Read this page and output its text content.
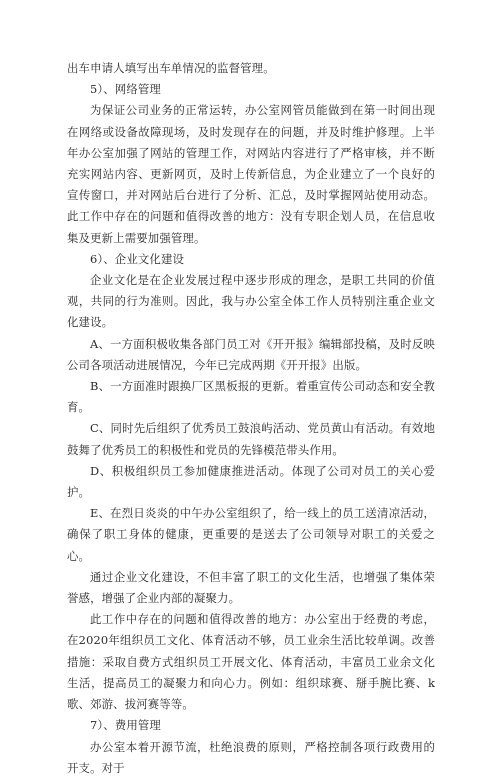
出车申请人填写出车单情况的监督管理。

5）、网络管理

为保证公司业务的正常运转，办公室网管员能做到在第一时间出现在网络或设备故障现场，及时发现存在的问题，并及时维护修理。上半年办公室加强了网站的管理工作，对网站内容进行了严格审核，并不断充实网站内容、更新网页，及时上传新信息，为企业建立了一个良好的宣传窗口，并对网站后台进行了分析、汇总，及时掌握网站使用动态。此工作中存在的问题和值得改善的地方：没有专职企划人员，在信息收集及更新上需要加强管理。

6）、企业文化建设

企业文化是在企业发展过程中逐步形成的理念，是职工共同的价值观，共同的行为准则。因此，我与办公室全体工作人员特别注重企业文化建设。

A、一方面积极收集各部门员工对《开开报》编辑部投稿，及时反映公司各项活动进展情况，今年已完成两期《开开报》出版。

B、一方面准时跟换厂区黑板报的更新。着重宣传公司动态和安全教育。

C、同时先后组织了优秀员工鼓浪屿活动、党员黄山有活动。有效地鼓舞了优秀员工的积极性和党员的先锋模范带头作用。

D、积极组织员工参加健康推进活动。体现了公司对员工的关心爱护。

E、在烈日炎炎的中午办公室组织了，给一线上的员工送清凉活动，确保了职工身体的健康，更重要的是送去了公司领导对职工的关爱之心。

通过企业文化建设，不但丰富了职工的文化生活，也增强了集体荣誉感，增强了企业内部的凝聚力。

此工作中存在的问题和值得改善的地方：办公室出于经费的考虑，在2020年组织员工文化、体育活动不够，员工业余生活比较单调。改善措施：采取自费方式组织员工开展文化、体育活动，丰富员工业余文化生活，提高员工的凝聚力和向心力。例如：组织球赛、掰手腕比赛、k歌、郊游、拔河赛等等。

7）、费用管理

办公室本着开源节流，杜绝浪费的原则，严格控制各项行政费用的开支。对于
